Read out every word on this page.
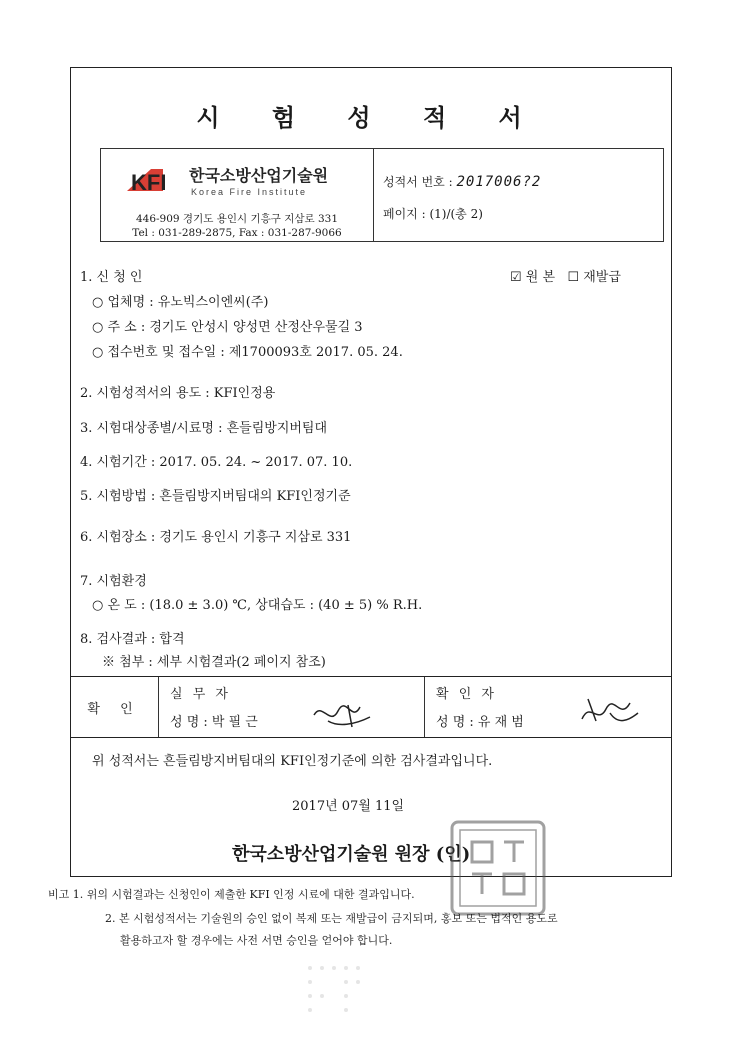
시 험 성 적 서
KFI 한국소방산업기술원
Korea Fire Institute
446-909 경기도 용인시 기흥구 지삼로 331
Tel : 031-289-2875, Fax : 031-287-9066
성적서 번호 : 2017006?2
페이지 : (1)/(총 2)
1. 신 청 인	☑ 원 본 ☐ 재발급
○ 업체명 : 유노빅스이엔씨(주)
○ 주 소 : 경기도 안성시 양성면 산정산우물길 3
○ 접수번호 및 접수일 : 제1700093호 2017. 05. 24.
2. 시험성적서의 용도 : KFI인정용
3. 시험대상종별/시료명 : 흔들림방지버팀대
4. 시험기간 : 2017. 05. 24. ~ 2017. 07. 10.
5. 시험방법 : 흔들림방지버팀대의 KFI인정기준
6. 시험장소 : 경기도 용인시 기흥구 지삼로 331
7. 시험환경
○ 온 도 : (18.0 ± 3.0) ℃, 상대습도 : (40 ± 5) % R.H.
8. 검사결과 : 합격
※ 첨부 : 세부 시험결과(2 페이지 참조)
확 인
실 무 자
성 명 : 박 필 근
확 인 자
성 명 : 유 재 범
위 성적서는 흔들림방지버팀대의 KFI인정기준에 의한 검사결과입니다.
2017년 07월 11일
한국소방산업기술원 원장 (인)
비고 1. 위의 시험결과는 신청인이 제출한 KFI 인정 시료에 대한 결과입니다.
2. 본 시험성적서는 기술원의 승인 없이 복제 또는 재발급이 금지되며, 홍보 또는 법적인 용도로
활용하고자 할 경우에는 사전 서면 승인을 얻어야 합니다.
